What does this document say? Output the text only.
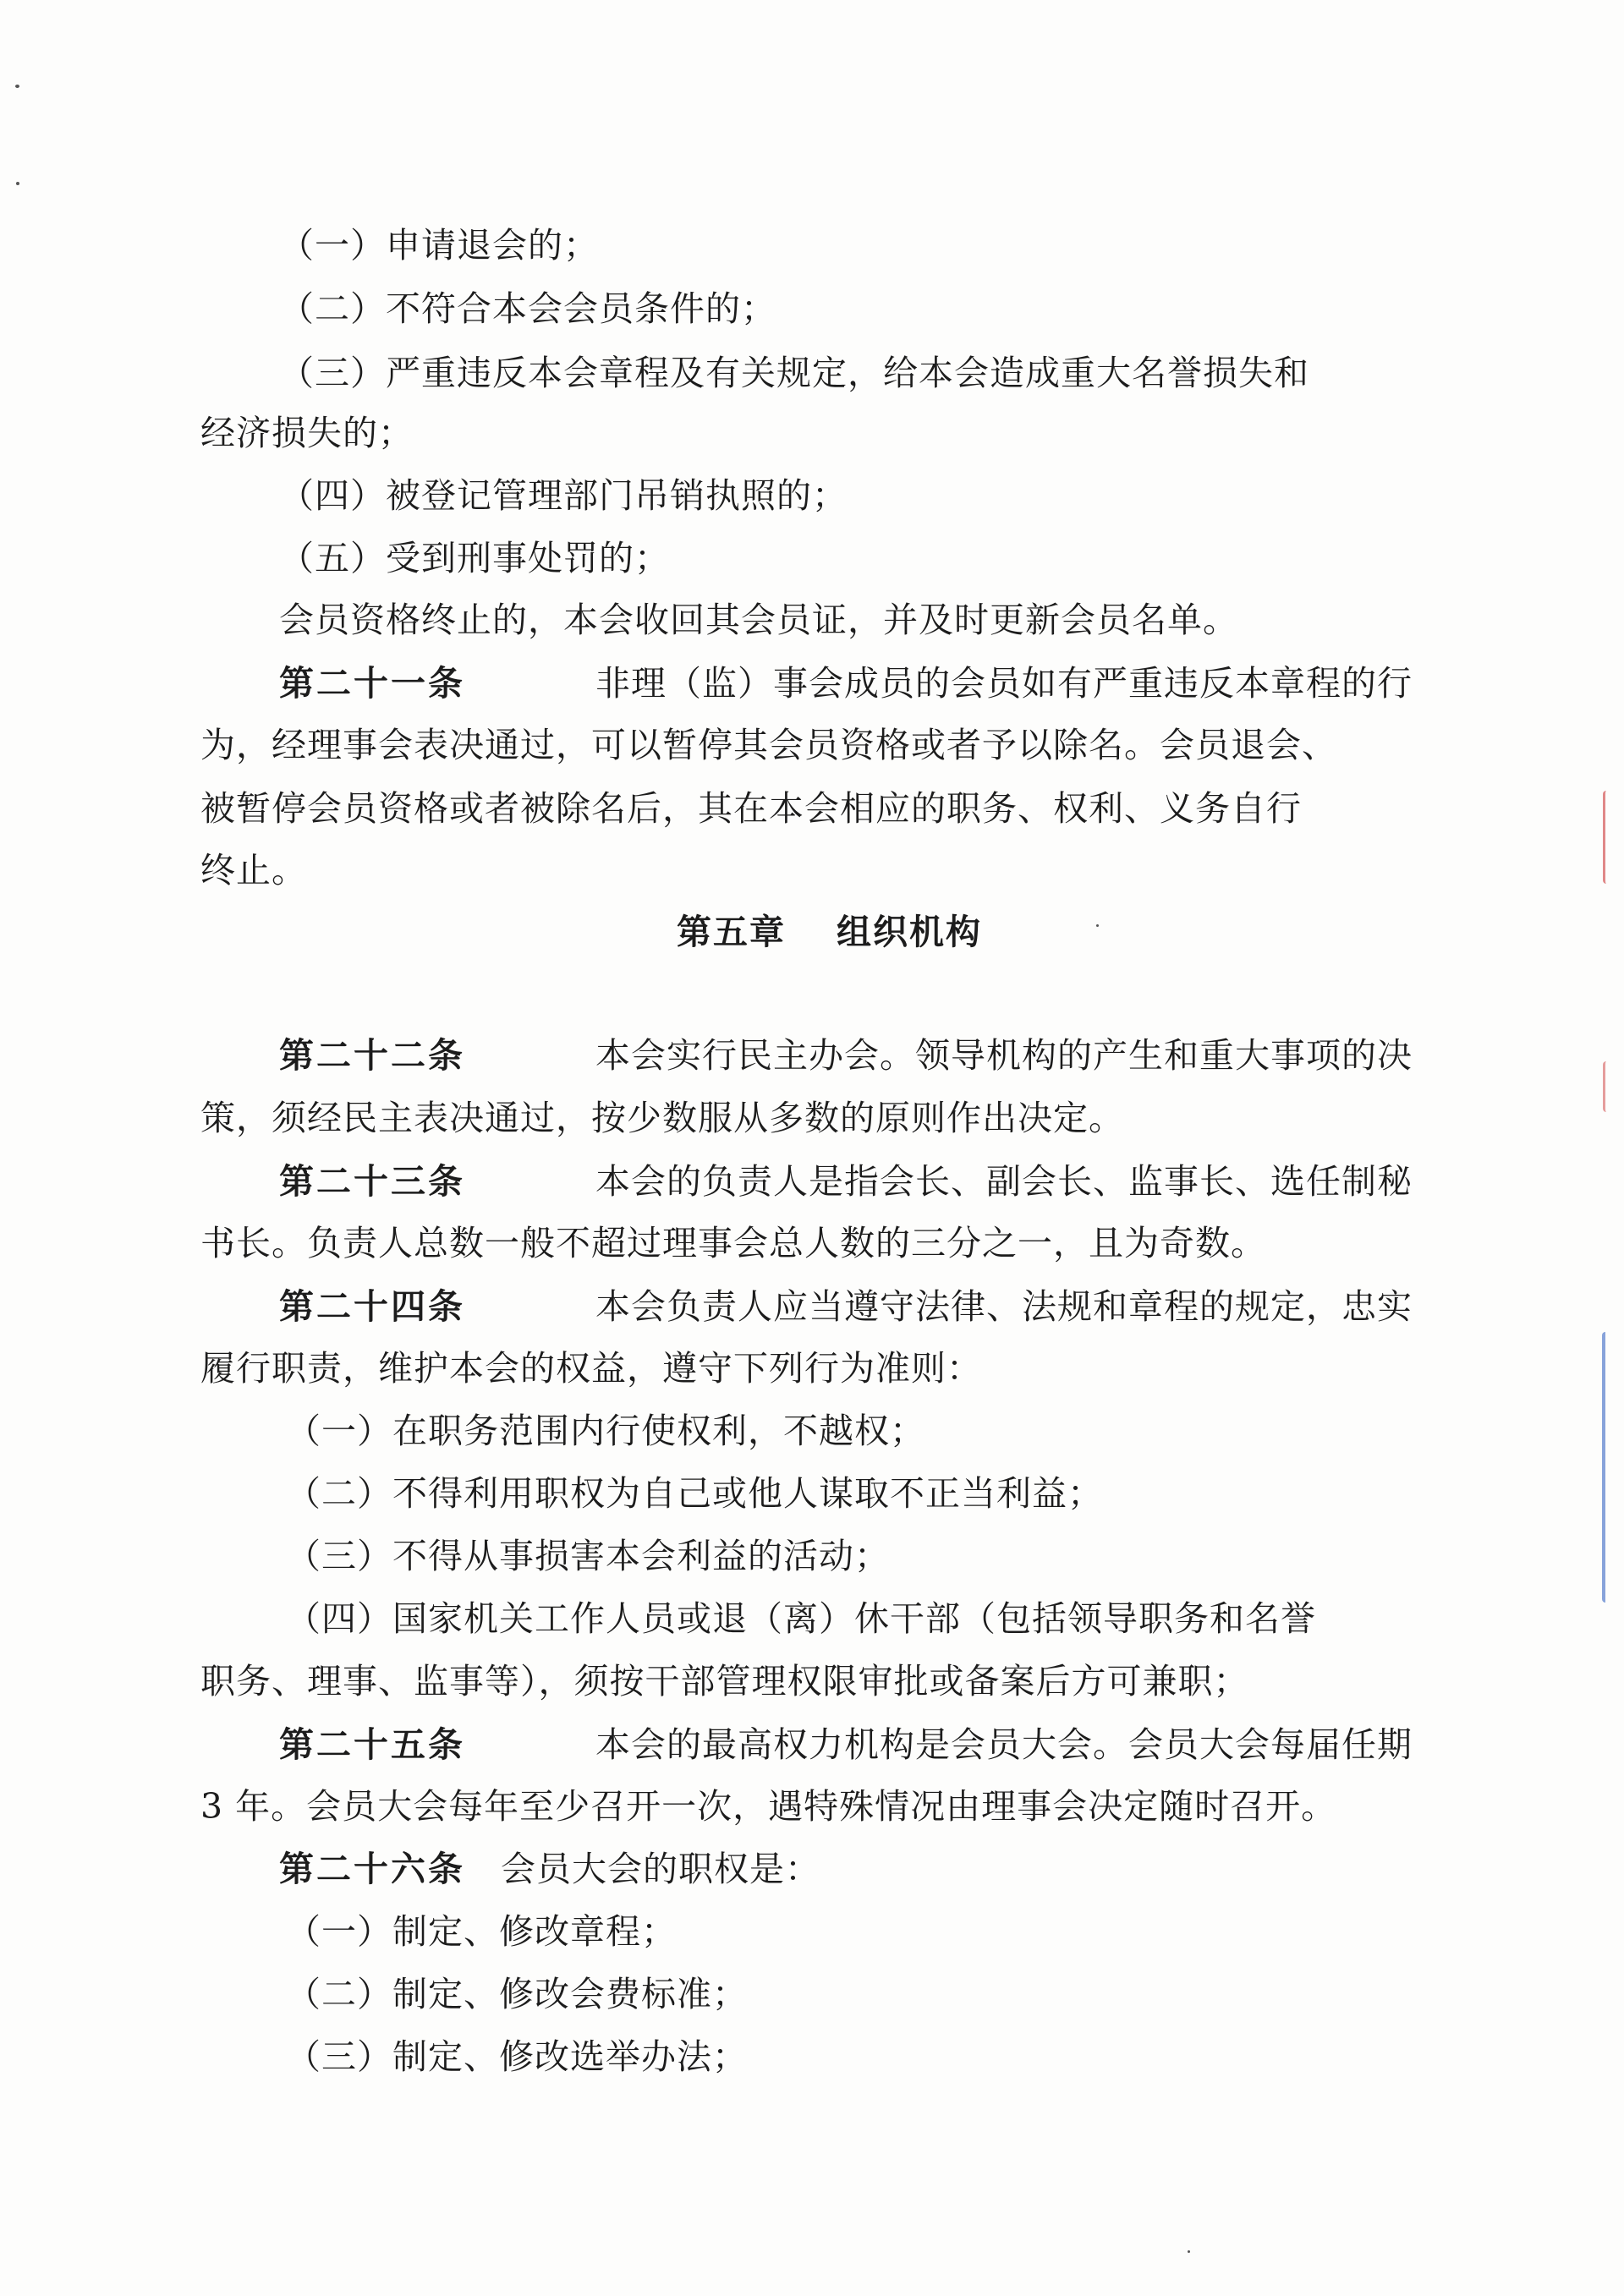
（一）申请退会的；
（二）不符合本会会员条件的；
（三）严重违反本会章程及有关规定，给本会造成重大名誉损失和
经济损失的；
（四）被登记管理部门吊销执照的；
（五）受到刑事处罚的；
会员资格终止的，本会收回其会员证，并及时更新会员名单。
第二十一条	非理（监）事会成员的会员如有严重违反本章程的行
为，经理事会表决通过，可以暂停其会员资格或者予以除名。会员退会、
被暂停会员资格或者被除名后，其在本会相应的职务、权利、义务自行
终止。
第五章 组织机构
第二十二条	本会实行民主办会。领导机构的产生和重大事项的决
策，须经民主表决通过，按少数服从多数的原则作出决定。
第二十三条	本会的负责人是指会长、副会长、监事长、选任制秘
书长。负责人总数一般不超过理事会总人数的三分之一，且为奇数。
第二十四条	本会负责人应当遵守法律、法规和章程的规定，忠实
履行职责，维护本会的权益，遵守下列行为准则：
（一）在职务范围内行使权利，不越权；
（二）不得利用职权为自己或他人谋取不正当利益；
（三）不得从事损害本会利益的活动；
（四）国家机关工作人员或退（离）休干部（包括领导职务和名誉
职务、理事、监事等），须按干部管理权限审批或备案后方可兼职；
第二十五条	本会的最高权力机构是会员大会。会员大会每届任期
3 年。会员大会每年至少召开一次，遇特殊情况由理事会决定随时召开。
第二十六条 会员大会的职权是：
（一）制定、修改章程；
（二）制定、修改会费标准；
（三）制定、修改选举办法；
